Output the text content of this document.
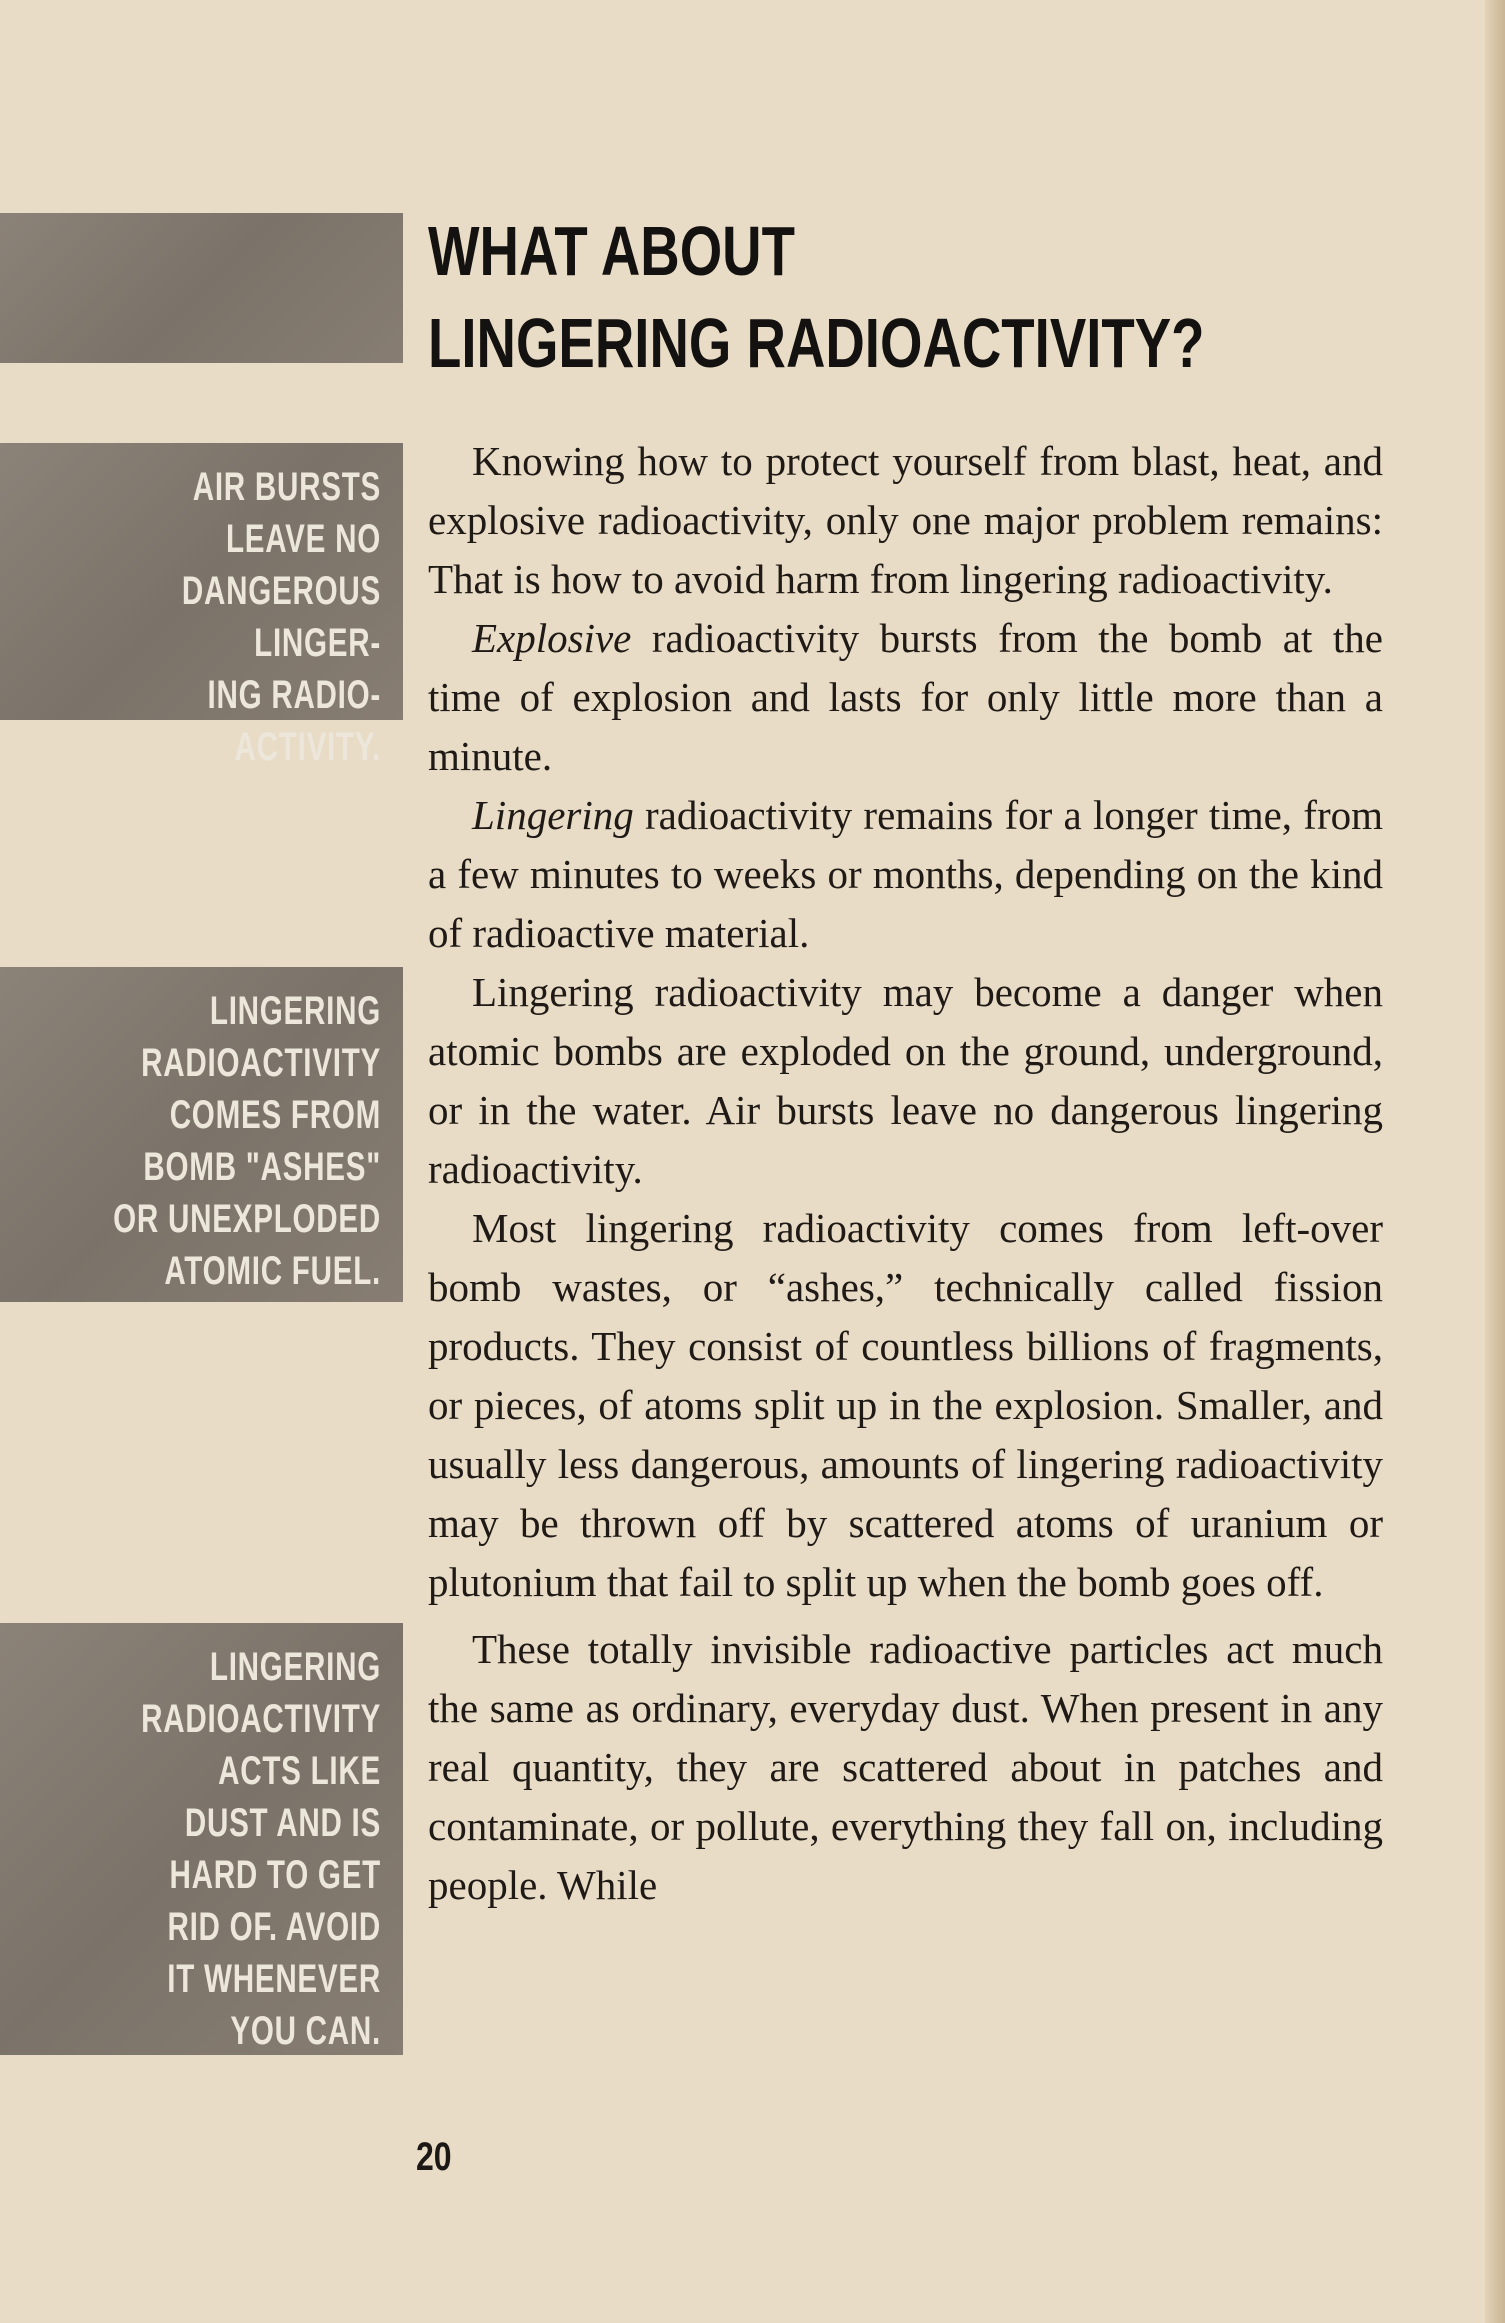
AIR BURSTS
LEAVE NO
DANGEROUS LINGER-
ING RADIO-
ACTIVITY.
LINGERING
RADIOACTIVITY
COMES FROM
BOMB "ASHES"
OR UNEXPLODED
ATOMIC FUEL.
LINGERING
RADIOACTIVITY
ACTS LIKE
DUST AND IS
HARD TO GET
RID OF. AVOID
IT WHENEVER
YOU CAN.
WHAT ABOUT
LINGERING RADIOACTIVITY?

Knowing how to protect yourself from blast, heat, and explosive radioactivity, only one major problem remains: That is how to avoid harm from lingering radioactivity.

Explosive radioactivity bursts from the bomb at the time of explosion and lasts for only little more than a minute.

Lingering radioactivity remains for a longer time, from a few minutes to weeks or months, depending on the kind of radioactive material.

Lingering radioactivity may become a danger when atomic bombs are exploded on the ground, underground, or in the water. Air bursts leave no dangerous lingering radioactivity.

Most lingering radioactivity comes from left-over bomb wastes, or “ashes,” technically called fission products. They consist of countless billions of fragments, or pieces, of atoms split up in the explosion. Smaller, and usually less dangerous, amounts of lingering radioactivity may be thrown off by scattered atoms of uranium or plutonium that fail to split up when the bomb goes off.

These totally invisible radioactive particles act much the same as ordinary, everyday dust. When present in any real quantity, they are scattered about in patches and contaminate, or pollute, everything they fall on, including people. While

20
